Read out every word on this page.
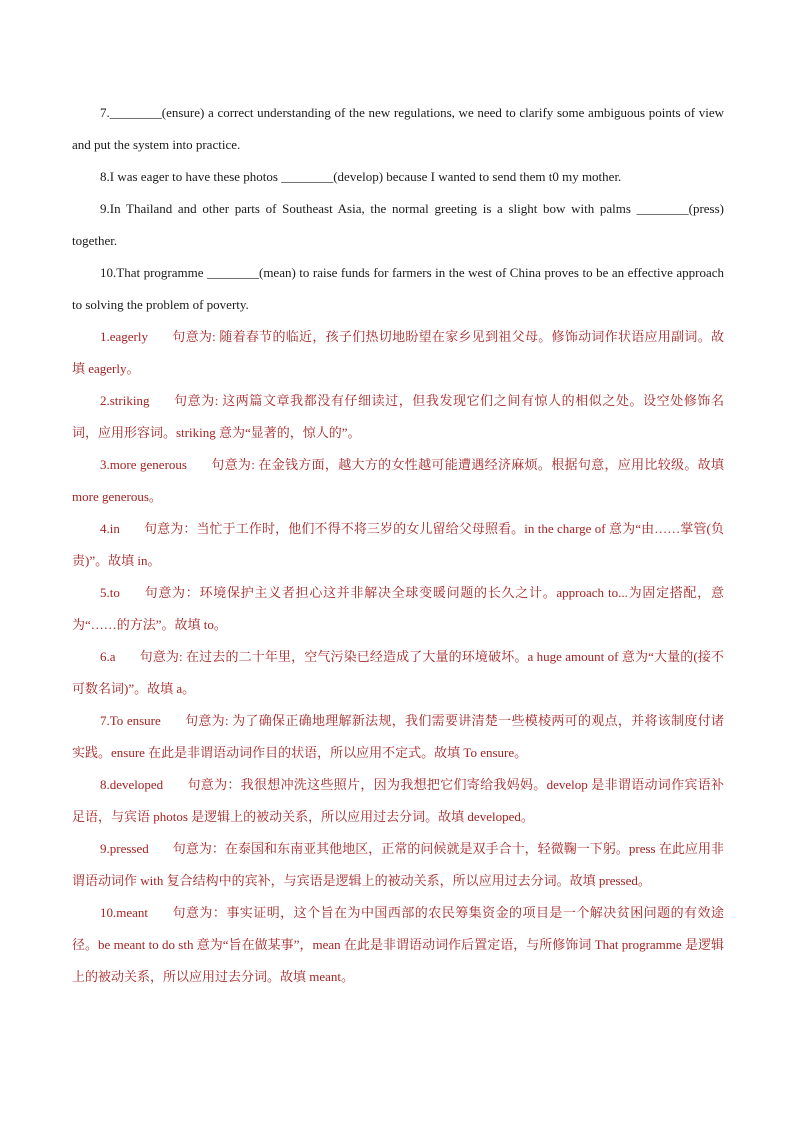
7.________(ensure) a correct understanding of the new regulations, we need to clarify some ambiguous points of view and put the system into practice.

8.I was eager to have these photos ________(develop) because I wanted to send them t0 my mother.

9.In Thailand and other parts of Southeast Asia, the normal greeting is a slight bow with palms ________(press) together.

10.That programme ________(mean) to raise funds for farmers in the west of China proves to be an effective approach to solving the problem of poverty.

1.eagerly 句意为: 随着春节的临近，孩子们热切地盼望在家乡见到祖父母。修饰动词作状语应用副词。故填 eagerly。

2.striking 句意为: 这两篇文章我都没有仔细读过，但我发现它们之间有惊人的相似之处。设空处修饰名词，应用形容词。striking 意为“显著的，惊人的”。

3.more generous 句意为: 在金钱方面，越大方的女性越可能遭遇经济麻烦。根据句意，应用比较级。故填 more generous。

4.in 句意为：当忙于工作时，他们不得不将三岁的女儿留给父母照看。in the charge of 意为“由……掌管(负责)”。故填 in。

5.to 句意为：环境保护主义者担心这并非解决全球变暖问题的长久之计。approach to...为固定搭配，意为“……的方法”。故填 to。

6.a 句意为: 在过去的二十年里，空气污染已经造成了大量的环境破坏。a huge amount of 意为“大量的(接不可数名词)”。故填 a。

7.To ensure 句意为: 为了确保正确地理解新法规，我们需要讲清楚一些模棱两可的观点，并将该制度付诸实践。ensure 在此是非谓语动词作目的状语，所以应用不定式。故填 To ensure。

8.developed 句意为：我很想冲洗这些照片，因为我想把它们寄给我妈妈。develop 是非谓语动词作宾语补足语，与宾语 photos 是逻辑上的被动关系，所以应用过去分词。故填 developed。

9.pressed 句意为：在泰国和东南亚其他地区，正常的问候就是双手合十，轻微鞠一下躬。press 在此应用非谓语动词作 with 复合结构中的宾补，与宾语是逻辑上的被动关系，所以应用过去分词。故填 pressed。

10.meant 句意为：事实证明，这个旨在为中国西部的农民筹集资金的项目是一个解决贫困问题的有效途径。be meant to do sth 意为“旨在做某事”，mean 在此是非谓语动词作后置定语，与所修饰词 That programme 是逻辑上的被动关系，所以应用过去分词。故填 meant。
